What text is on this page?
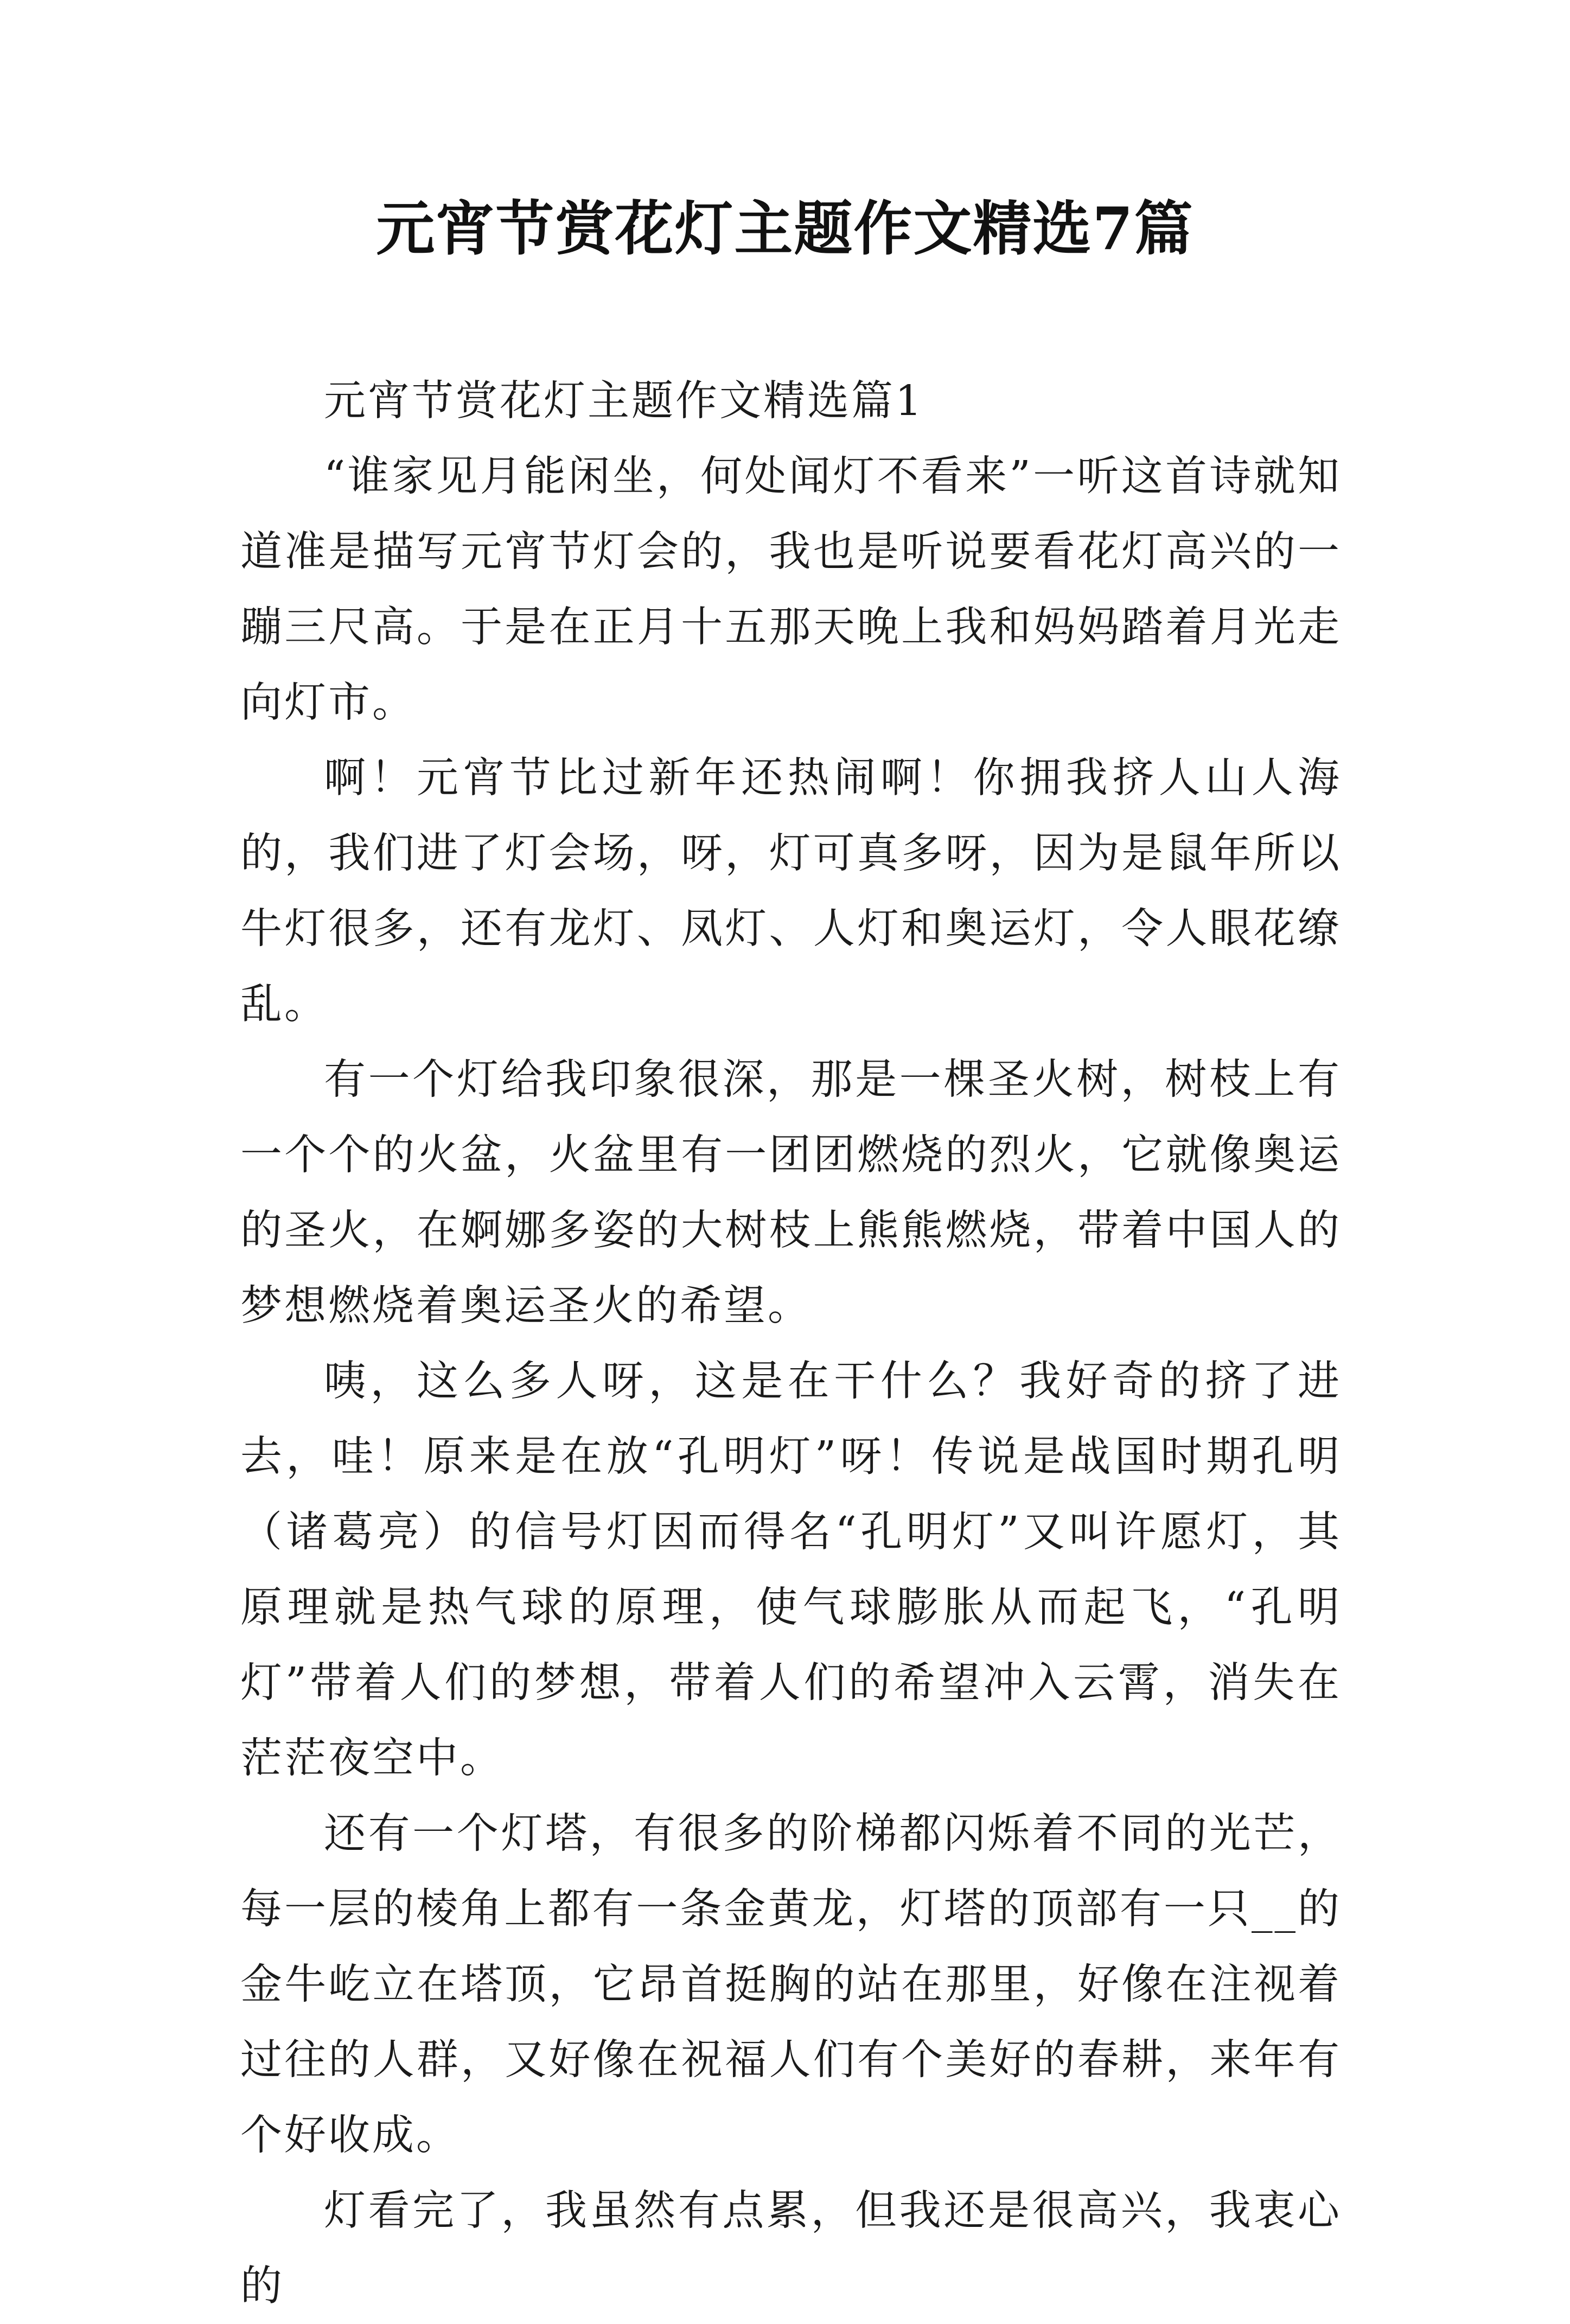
元宵节赏花灯主题作文精选7篇

元宵节赏花灯主题作文精选篇1

“谁家见月能闲坐，何处闻灯不看来”一听这首诗就知道准是描写元宵节灯会的，我也是听说要看花灯高兴的一蹦三尺高。于是在正月十五那天晚上我和妈妈踏着月光走向灯市。

啊！元宵节比过新年还热闹啊！你拥我挤人山人海的，我们进了灯会场，呀，灯可真多呀，因为是鼠年所以牛灯很多，还有龙灯、凤灯、人灯和奥运灯，令人眼花缭乱。

有一个灯给我印象很深，那是一棵圣火树，树枝上有一个个的火盆，火盆里有一团团燃烧的烈火，它就像奥运的圣火，在婀娜多姿的大树枝上熊熊燃烧，带着中国人的梦想燃烧着奥运圣火的希望。

咦，这么多人呀，这是在干什么？我好奇的挤了进去，哇！原来是在放“孔明灯”呀！传说是战国时期孔明（诸葛亮）的信号灯因而得名“孔明灯”又叫许愿灯，其原理就是热气球的原理，使气球膨胀从而起飞，“孔明灯”带着人们的梦想，带着人们的希望冲入云霄，消失在茫茫夜空中。

还有一个灯塔，有很多的阶梯都闪烁着不同的光芒，每一层的棱角上都有一条金黄龙，灯塔的顶部有一只__的金牛屹立在塔顶，它昂首挺胸的站在那里，好像在注视着过往的人群，又好像在祝福人们有个美好的春耕，来年有个好收成。

灯看完了，我虽然有点累，但我还是很高兴，我衷心的
